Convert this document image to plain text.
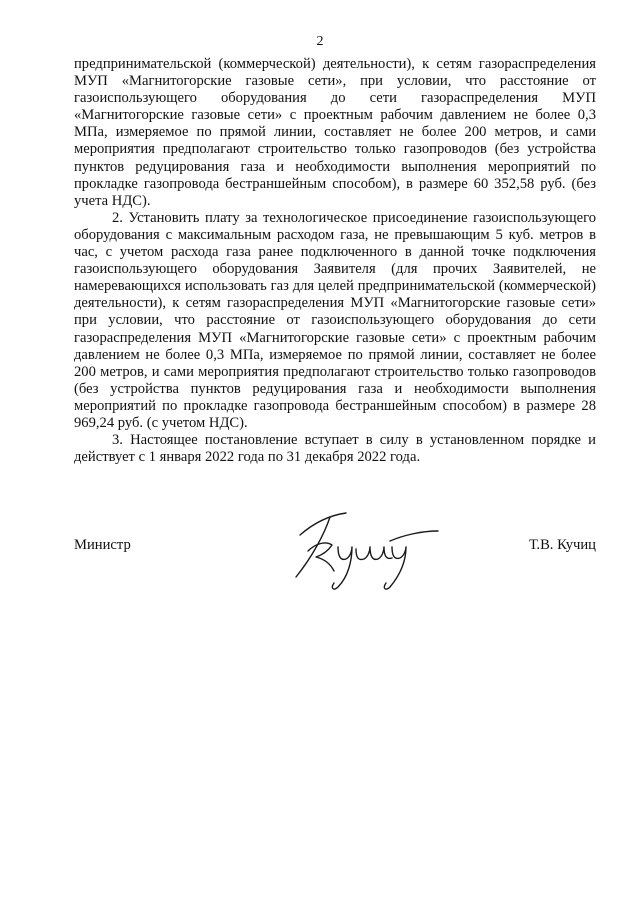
2

предпринимательской (коммерческой) деятельности), к сетям газораспределения МУП «Магнитогорские газовые сети», при условии, что расстояние от газоиспользующего оборудования до сети газораспределения МУП «Магнитогорские газовые сети» с проектным рабочим давлением не более 0,3 МПа, измеряемое по прямой линии, составляет не более 200 метров, и сами мероприятия предполагают строительство только газопроводов (без устройства пунктов редуцирования газа и необходимости выполнения мероприятий по прокладке газопровода бестраншейным способом), в размере 60 352,58 руб. (без учета НДС).

2. Установить плату за технологическое присоединение газоиспользующего оборудования с максимальным расходом газа, не превышающим 5 куб. метров в час, с учетом расхода газа ранее подключенного в данной точке подключения газоиспользующего оборудования Заявителя (для прочих Заявителей, не намеревающихся использовать газ для целей предпринимательской (коммерческой) деятельности), к сетям газораспределения МУП «Магнитогорские газовые сети» при условии, что расстояние от газоиспользующего оборудования до сети газораспределения МУП «Магнитогорские газовые сети» с проектным рабочим давлением не более 0,3 МПа, измеряемое по прямой линии, составляет не более 200 метров, и сами мероприятия предполагают строительство только газопроводов (без устройства пунктов редуцирования газа и необходимости выполнения мероприятий по прокладке газопровода бестраншейным способом) в размере 28 969,24 руб. (с учетом НДС).

3. Настоящее постановление вступает в силу в установленном порядке и действует с 1 января 2022 года по 31 декабря 2022 года.

Министр	Т.В. Кучиц
